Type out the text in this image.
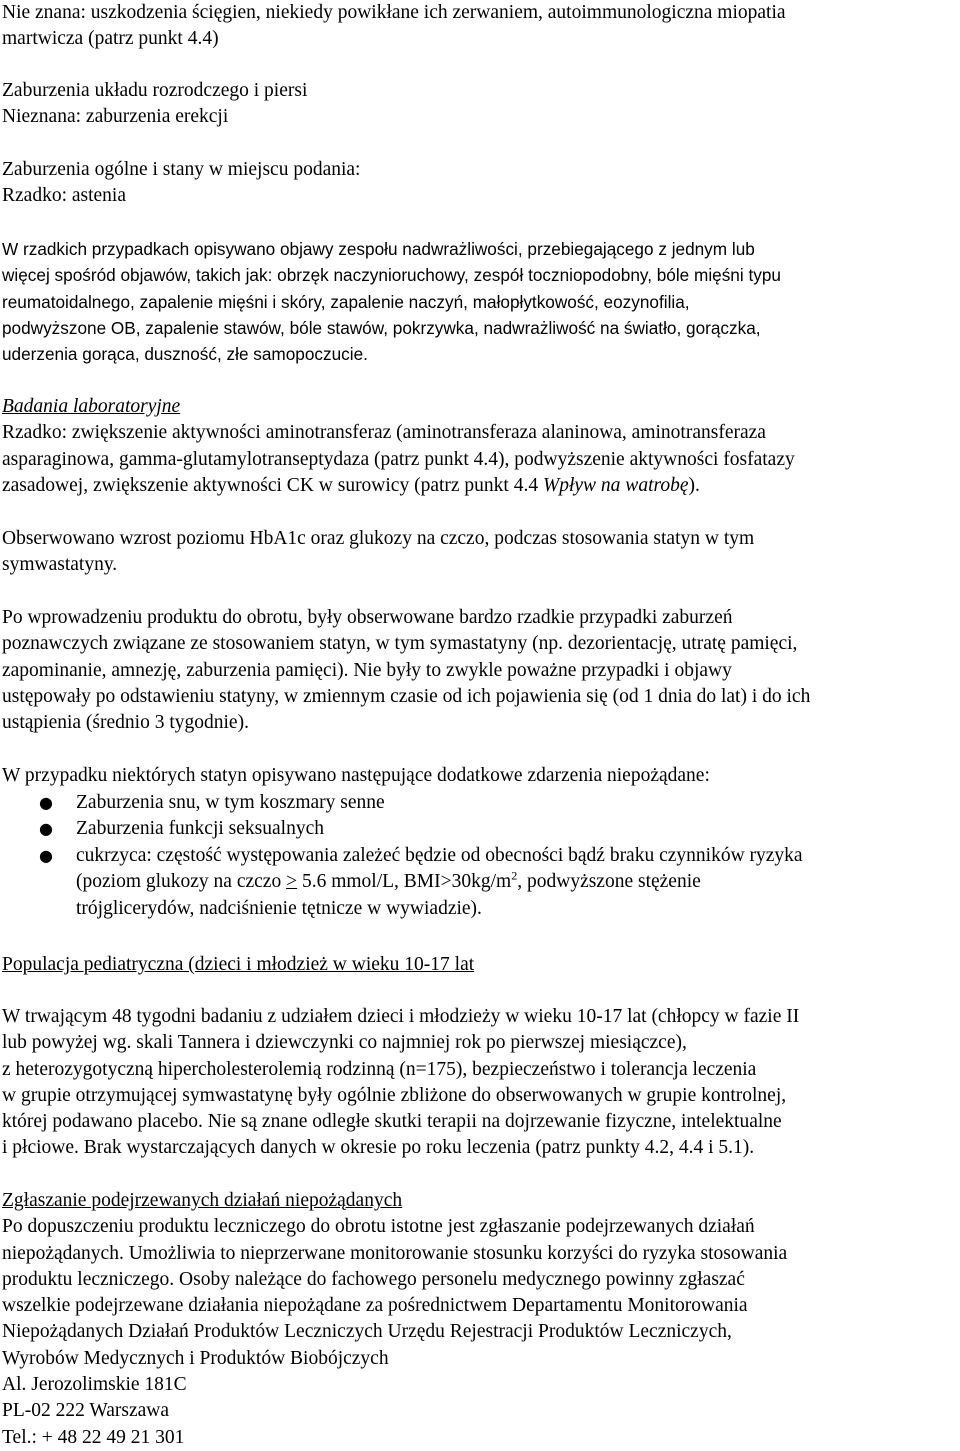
Nie znana: uszkodzenia ścięgien, niekiedy powikłane ich zerwaniem, autoimmunologiczna miopatia
martwicza (patrz punkt 4.4)
Zaburzenia układu rozrodczego i piersi
Nieznana: zaburzenia erekcji
Zaburzenia ogólne i stany w miejscu podania:
Rzadko: astenia
W rzadkich przypadkach opisywano objawy zespołu nadwrażliwości, przebiegającego z jednym lub
więcej spośród objawów, takich jak: obrzęk naczynioruchowy, zespół toczniopodobny, bóle mięśni typu
reumatoidalnego, zapalenie mięśni i skóry, zapalenie naczyń, małopłytkowość, eozynofilia,
podwyższone OB, zapalenie stawów, bóle stawów, pokrzywka, nadwrażliwość na światło, gorączka,
uderzenia gorąca, duszność, złe samopoczucie.
Badania laboratoryjne
Rzadko: zwiększenie aktywności aminotransferaz (aminotransferaza alaninowa, aminotransferaza
asparaginowa, gamma-glutamylotranseptydaza (patrz punkt 4.4), podwyższenie aktywności fosfatazy
zasadowej, zwiększenie aktywności CK w surowicy (patrz punkt 4.4 Wpływ na watrobę).
Obserwowano wzrost poziomu HbA1c oraz glukozy na czczo, podczas stosowania statyn w tym
symwastatyny.
Po wprowadzeniu produktu do obrotu, były obserwowane bardzo rzadkie przypadki zaburzeń
poznawczych związane ze stosowaniem statyn, w tym symastatyny (np. dezorientację, utratę pamięci,
zapominanie, amnezję, zaburzenia pamięci). Nie były to zwykle poważne przypadki i objawy
ustępowały po odstawieniu statyny, w zmiennym czasie od ich pojawienia się (od 1 dnia do lat) i do ich
ustąpienia (średnio 3 tygodnie).
W przypadku niektórych statyn opisywano następujące dodatkowe zdarzenia niepożądane:
● Zaburzenia snu, w tym koszmary senne
● Zaburzenia funkcji seksualnych
● cukrzyca: częstość występowania zależeć będzie od obecności bądź braku czynników ryzyka
(poziom glukozy na czczo ≥ 5.6 mmol/L, $BMI>30kg/m^2$, podwyższone stężenie
trójglicerydów, nadciśnienie tętnicze w wywiadzie).
Populacja pediatryczna (dzieci i młodzież w wieku 10-17 lat
W trwającym 48 tygodni badaniu z udziałem dzieci i młodzieży w wieku 10-17 lat (chłopcy w fazie II
lub powyżej wg. skali Tannera i dziewczynki co najmniej rok po pierwszej miesiączce),
z heterozygotyczną hipercholesterolemią rodzinną (n=175), bezpieczeństwo i tolerancja leczenia
w grupie otrzymującej symwastatynę były ogólnie zbliżone do obserwowanych w grupie kontrolnej,
której podawano placebo. Nie są znane odległe skutki terapii na dojrzewanie fizyczne, intelektualne
i płciowe. Brak wystarczających danych w okresie po roku leczenia (patrz punkty 4.2, 4.4 i 5.1).
Zgłaszanie podejrzewanych działań niepożądanych
Po dopuszczeniu produktu leczniczego do obrotu istotne jest zgłaszanie podejrzewanych działań
niepożądanych. Umożliwia to nieprzerwane monitorowanie stosunku korzyści do ryzyka stosowania
produktu leczniczego. Osoby należące do fachowego personelu medycznego powinny zgłaszać
wszelkie podejrzewane działania niepożądane za pośrednictwem Departamentu Monitorowania
Niepożądanych Działań Produktów Leczniczych Urzędu Rejestracji Produktów Leczniczych,
Wyrobów Medycznych i Produktów Biobójczych
Al. Jerozolimskie 181C
PL-02 222 Warszawa
Tel.: + 48 22 49 21 301
